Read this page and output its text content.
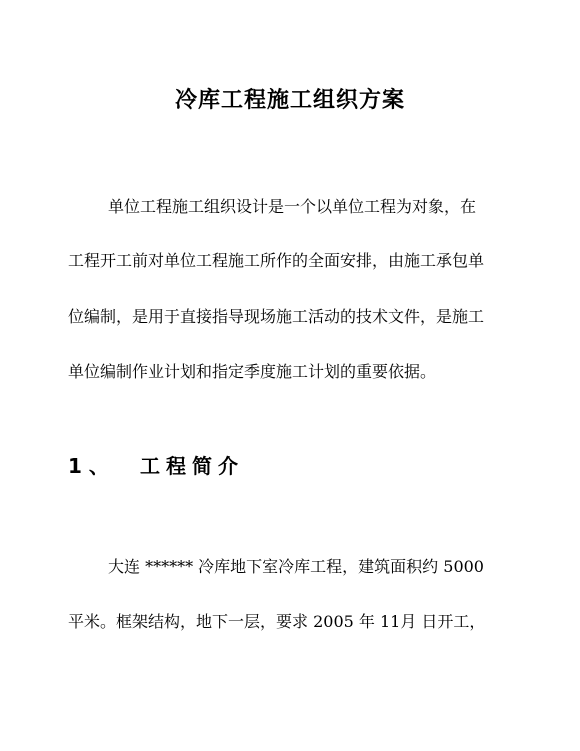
冷库工程施工组织方案
单位工程施工组织设计是一个以单位工程为对象，在
工程开工前对单位工程施工所作的全面安排，由施工承包单
位编制，是用于直接指导现场施工活动的技术文件，是施工
单位编制作业计划和指定季度施工计划的重要依据。
1 、 工程简介
大连 ****** 冷库地下室冷库工程，建筑面积约 5000
平米。框架结构，地下一层，要求 2005 年 11月 日开工，
